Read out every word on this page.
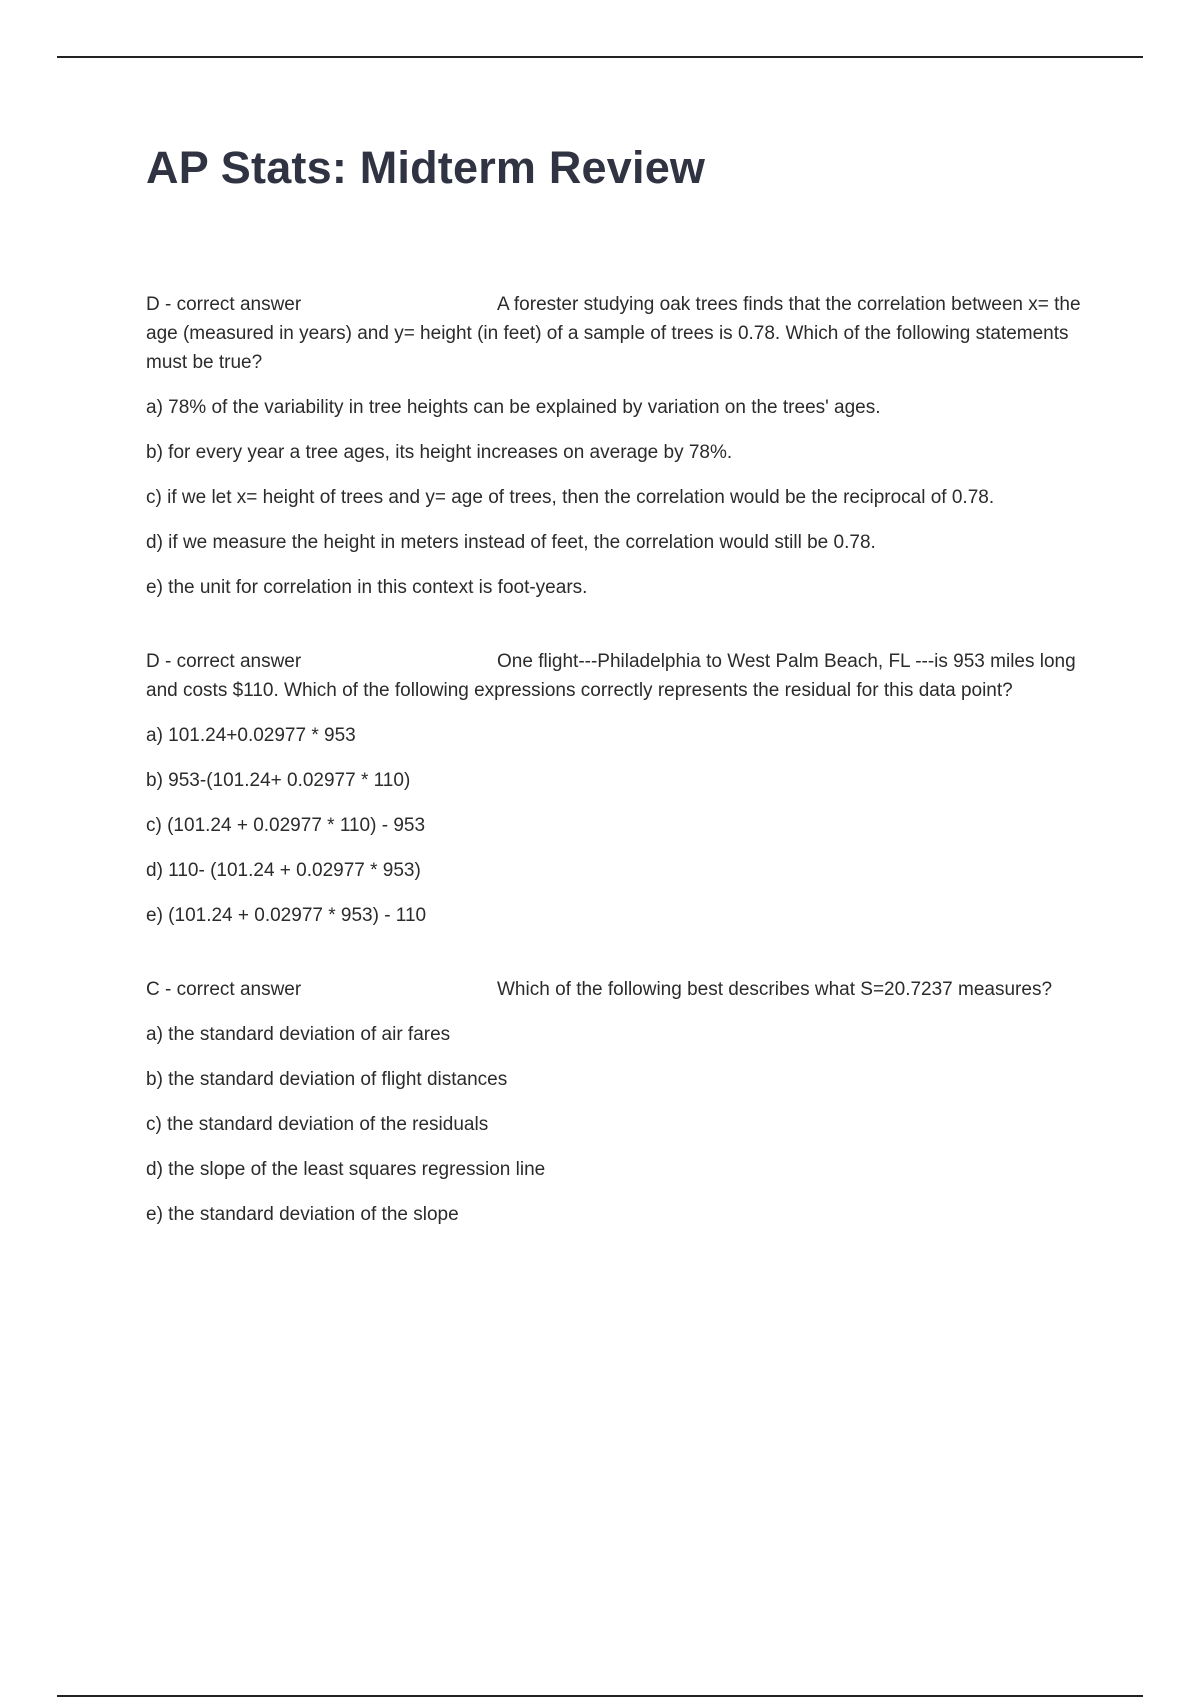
AP Stats: Midterm Review

D - correct answer	A forester studying oak trees finds that the correlation between x= the age (measured in years) and y= height (in feet) of a sample of trees is 0.78. Which of the following statements must be true?

a) 78% of the variability in tree heights can be explained by variation on the trees' ages.

b) for every year a tree ages, its height increases on average by 78%.

c) if we let x= height of trees and y= age of trees, then the correlation would be the reciprocal of 0.78.

d) if we measure the height in meters instead of feet, the correlation would still be 0.78.

e) the unit for correlation in this context is foot-years.

D - correct answer	One flight---Philadelphia to West Palm Beach, FL ---is 953 miles long and costs $110. Which of the following expressions correctly represents the residual for this data point?

a) 101.24+0.02977 * 953

b) 953-(101.24+ 0.02977 * 110)

c) (101.24 + 0.02977 * 110) - 953

d) 110- (101.24 + 0.02977 * 953)

e) (101.24 + 0.02977 * 953) - 110

C - correct answer	Which of the following best describes what S=20.7237 measures?

a) the standard deviation of air fares

b) the standard deviation of flight distances

c) the standard deviation of the residuals

d) the slope of the least squares regression line

e) the standard deviation of the slope
